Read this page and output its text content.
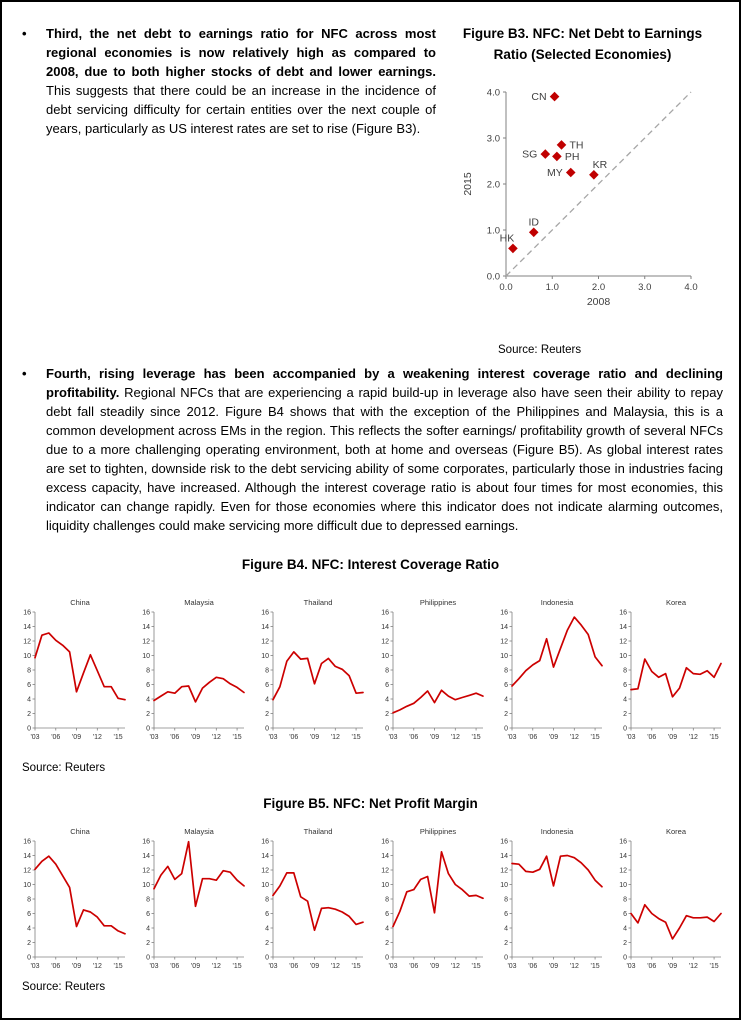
•	Third, the net debt to earnings ratio for NFC across most regional economies is now relatively high as compared to 2008, due to both higher stocks of debt and lower earnings. This suggests that there could be an increase in the incidence of debt servicing difficulty for certain entities over the next couple of years, particularly as US interest rates are set to rise (Figure B3).
Figure B3. NFC: Net Debt to Earnings Ratio (Selected Economies)
0.0	1.0	2.0	3.0	4.0
0.0
1.0
2.0
3.0
4.0
2008
2015
CN
TH
SG	PH
MY
KR
ID
HK
Source: Reuters
•	Fourth, rising leverage has been accompanied by a weakening interest coverage ratio and declining profitability. Regional NFCs that are experiencing a rapid build-up in leverage also have seen their ability to repay debt fall steadily since 2012. Figure B4 shows that with the exception of the Philippines and Malaysia, this is a common development across EMs in the region. This reflects the softer earnings/ profitability growth of several NFCs due to a more challenging operating environment, both at home and overseas (Figure B5). As global interest rates are set to tighten, downside risk to the debt servicing ability of some corporates, particularly those in industries facing excess capacity, have increased. Although the interest coverage ratio is about four times for most economies, this indicator can change rapidly. Even for those economies where this indicator does not indicate alarming outcomes, liquidity challenges could make servicing more difficult due to depressed earnings.
Figure B4. NFC: Interest Coverage Ratio
China
0
2
4
6
8
10
12
14
16
'03 '06 '09 '12 '15
Malaysia
0
2
4
6
8
10
12
14
16
'03 '06 '09 '12 '15
Thailand
0
2
4
6
8
10
12
14
16
'03 '06 '09 '12 '15
Philippines
0
2
4
6
8
10
12
14
16
'03 '06 '09 '12 '15
Indonesia
0
2
4
6
8
10
12
14
16
'03 '06 '09 '12 '15
Korea
0
2
4
6
8
10
12
14
16
'03 '06 '09 '12 '15
Source: Reuters
Figure B5. NFC: Net Profit Margin
China
0
2
4
6
8
10
12
14
16
'03 '06 '09 '12 '15
Malaysia
0
2
4
6
8
10
12
14
16
'03 '06 '09 '12 '15
Thailand
0
2
4
6
8
10
12
14
16
'03 '06 '09 '12 '15
Philippines
0
2
4
6
8
10
12
14
16
'03 '06 '09 '12 '15
Indonesia
0
2
4
6
8
10
12
14
16
'03 '06 '09 '12 '15
Korea
0
2
4
6
8
10
12
14
16
'03 '06 '09 '12 '15
Source: Reuters
